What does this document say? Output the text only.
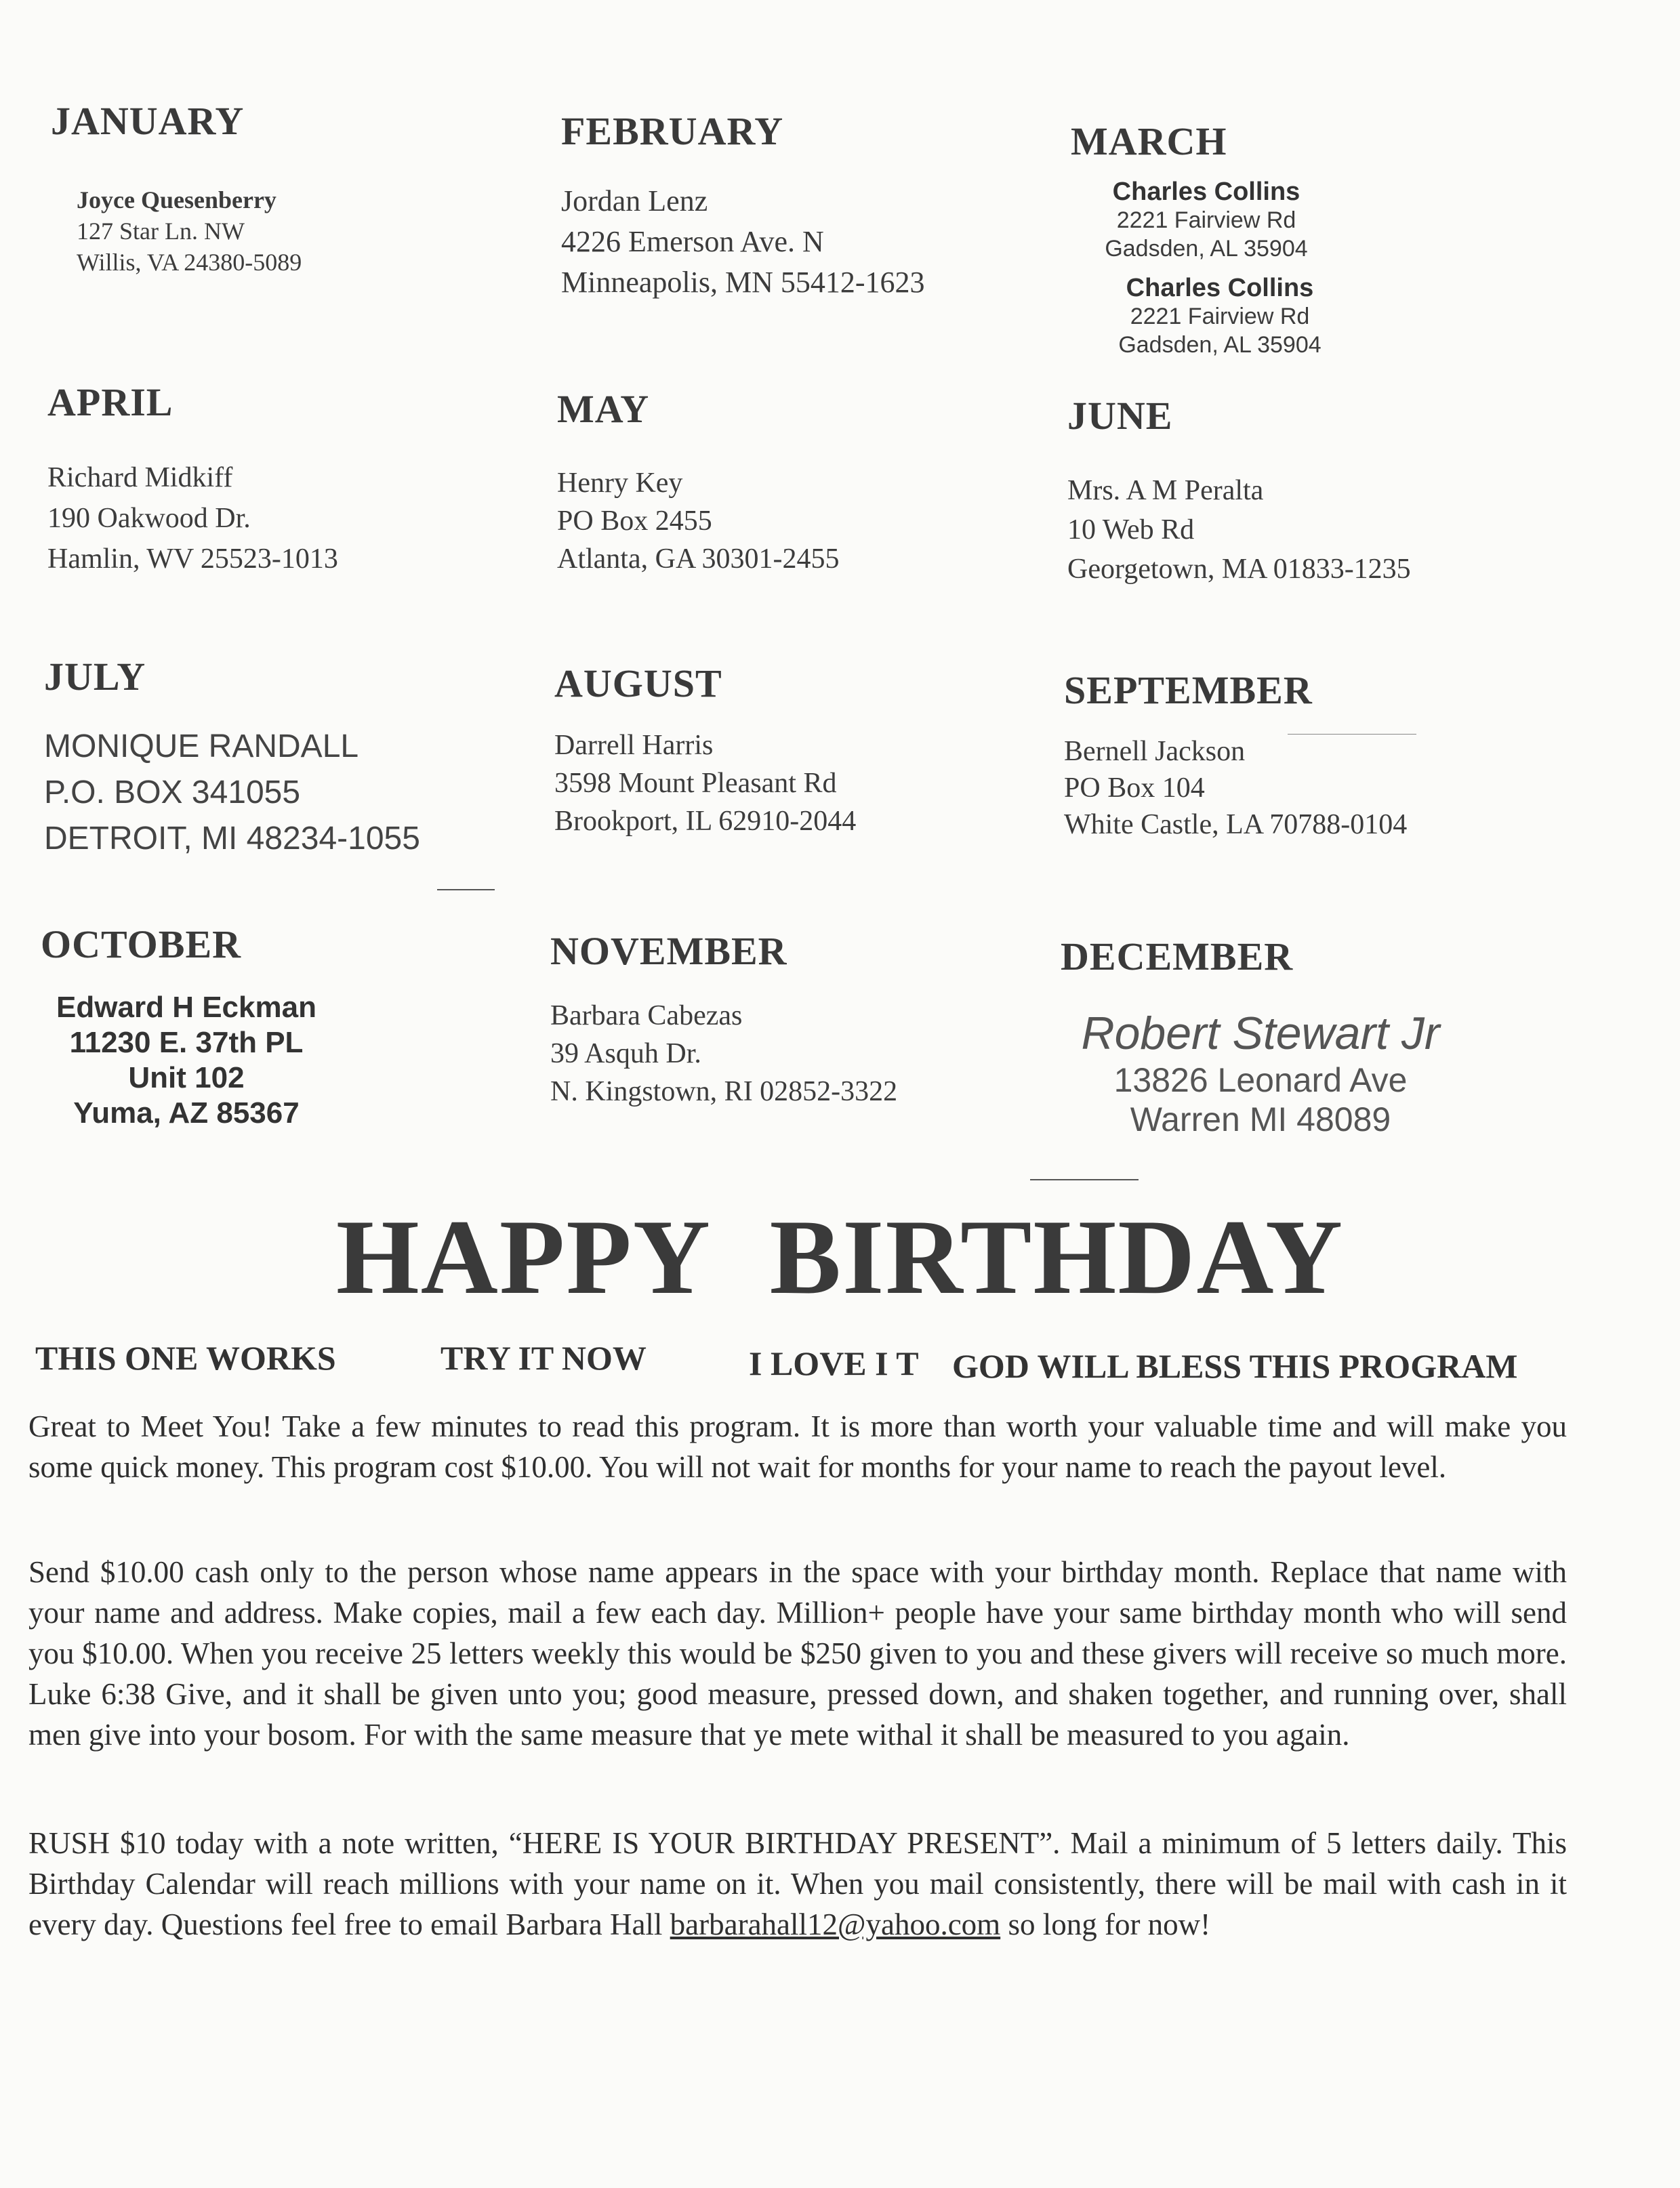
JANUARY
Joyce Quesenberry
127 Star Ln. NW
Willis, VA 24380-5089
FEBRUARY
Jordan Lenz
4226 Emerson Ave. N
Minneapolis, MN 55412-1623
MARCH
Charles Collins
2221 Fairview Rd
Gadsden, AL 35904
Charles Collins
2221 Fairview Rd
Gadsden, AL 35904
APRIL
Richard Midkiff
190 Oakwood Dr.
Hamlin, WV 25523-1013
MAY
Henry Key
PO Box 2455
Atlanta, GA 30301-2455
JUNE
Mrs. A M Peralta
10 Web Rd
Georgetown, MA 01833-1235
JULY
MONIQUE RANDALL
P.O. BOX 341055
DETROIT, MI 48234-1055
AUGUST
Darrell Harris
3598 Mount Pleasant Rd
Brookport, IL 62910-2044
SEPTEMBER
Bernell Jackson
PO Box 104
White Castle, LA 70788-0104
OCTOBER
Edward H Eckman
11230 E. 37th PL
Unit 102
Yuma, AZ 85367
NOVEMBER
Barbara Cabezas
39 Asquh Dr.
N. Kingstown, RI 02852-3322
DECEMBER
Robert Stewart Jr
13826 Leonard Ave
Warren MI 48089
HAPPY BIRTHDAY
THIS ONE WORKS	TRY IT NOW	I LOVE I T GOD WILL BLESS THIS PROGRAM
Great to Meet You! Take a few minutes to read this program. It is more than worth your valuable time and will make you some quick money. This program cost $10.00. You will not wait for months for your name to reach the payout level.
Send $10.00 cash only to the person whose name appears in the space with your birthday month. Replace that name with your name and address. Make copies, mail a few each day. Million+ people have your same birthday month who will send you $10.00. When you receive 25 letters weekly this would be $250 given to you and these givers will receive so much more. Luke 6:38 Give, and it shall be given unto you; good measure, pressed down, and shaken together, and running over, shall men give into your bosom. For with the same measure that ye mete withal it shall be measured to you again.
RUSH $10 today with a note written, “HERE IS YOUR BIRTHDAY PRESENT”. Mail a minimum of 5 letters daily. This Birthday Calendar will reach millions with your name on it. When you mail consistently, there will be mail with cash in it every day. Questions feel free to email Barbara Hall barbarahall12@yahoo.com so long for now!
